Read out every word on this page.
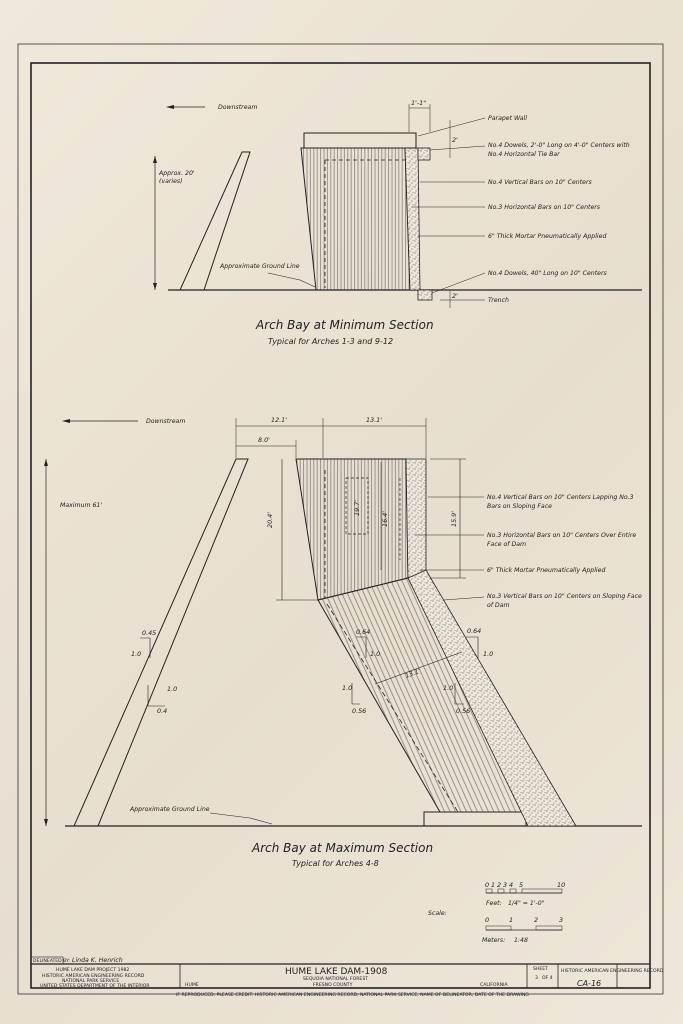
Downstream
1'-1"
2'
2'
Approx. 20'
(varies)
Approximate Ground Line
Parapet Wall
No.4 Dowels, 2'-0" Long on 4'-0" Centers with
No.4 Horizontal Tie Bar
No.4 Vertical Bars on 10" Centers
No.3 Horizontal Bars on 10" Centers
6" Thick Mortar Pneumatically Applied
No.4 Dowels, 40" Long on 10" Centers
Trench
Arch Bay at Minimum Section
Typical for Arches 1-3 and 9-12
Downstream	12.1'	13.1'
8.0'
20.4'
19.7'
16.4'	15.9'
13.1'
Maximum 61'
Approximate Ground Line
0.45
1.0
1.0
0.4
0.64
1.0
1.0
0.56
1.0
0.56
0.64
1.0
No.4 Vertical Bars on 10" Centers Lapping No.3
Bars on Sloping Face
No.3 Horizontal Bars on 10" Centers Over Entire
Face of Dam
6" Thick Mortar Pneumatically Applied
No.3 Vertical Bars on 10" Centers on Sloping Face
of Dam
Arch Bay at Maximum Section
Typical for Arches 4-8
Scale:
0 1 2 3 4 5	10
Feet: 1/4" = 1'-0"
0	1	2	3
Meters: 1:48
DELINEATED BY: Linda K. Henrich
HUME LAKE DAM PROJECT 1982
HISTORIC AMERICAN ENGINEERING RECORD
NATIONAL PARK SERVICE
UNITED STATES DEPARTMENT OF THE INTERIOR
HUME LAKE DAM-1908
SEQUOIA NATIONAL FOREST
FRESNO COUNTY
HUME	CALIFORNIA
SHEET
3 OF 4
HISTORIC AMERICAN ENGINEERING RECORD
CA-16
IF REPRODUCED, PLEASE CREDIT: HISTORIC AMERICAN ENGINEERING RECORD, NATIONAL PARK SERVICE, NAME OF DELINEATOR, DATE OF THE DRAWING
